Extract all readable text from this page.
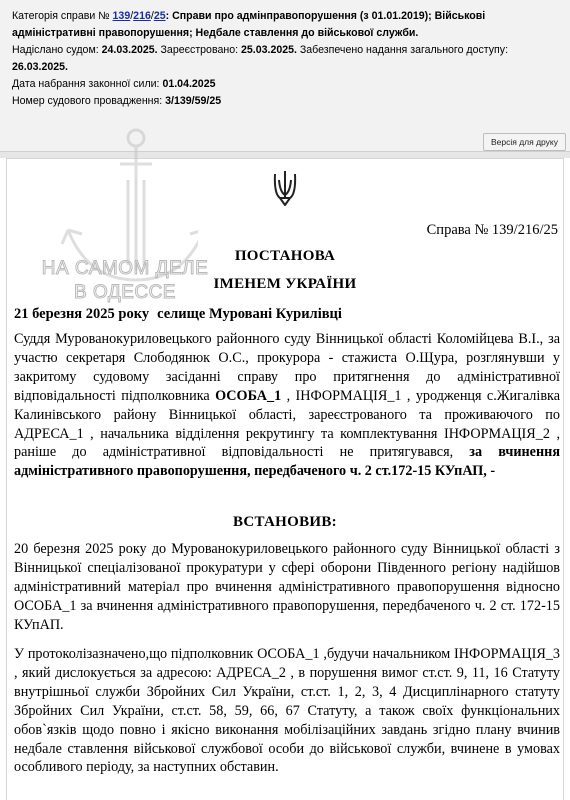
Категорія справи № 139/216/25: Справи про адмінправопорушення (з 01.01.2019); Військові адміністративні правопорушення; Недбале ставлення до військової служби.
Надіслано судом: 24.03.2025. Зареєстровано: 25.03.2025. Забезпечено надання загального доступу: 26.03.2025.
Дата набрання законної сили: 01.04.2025
Номер судового провадження: 3/139/59/25
Версія для друку
НА САМОМ ДЕЛЕ
В ОДЕССЕ
Справа № 139/216/25
ПОСТАНОВА
ІМЕНЕМ УКРАЇНИ
21 березня 2025 року селище Муровані Курилівці
Суддя Мурованокуриловецького районного суду Вінницької області Коломійцева В.І., за участю секретаря Слободянюк О.С., прокурора - стажиста О.Щура, розглянувши у закритому судовому засіданні справу про притягнення до адміністративної відповідальності підполковника ОСОБА_1 , ІНФОРМАЦІЯ_1 , уродженця с.Жигалівка Калинівського району Вінницької області, зареєстрованого та проживаючого по АДРЕСА_1 , начальника відділення рекрутингу та комплектування ІНФОРМАЦІЯ_2 , раніше до адміністративної відповідальності не притягувався, за вчинення адміністративного правопорушення, передбаченого ч. 2 ст.172-15 КУпАП, -
ВСТАНОВИВ:
20 березня 2025 року до Мурованокуриловецького районного суду Вінницької області з Вінницької спеціалізованої прокуратури у сфері оборони Південного регіону надійшов адміністративний матеріал про вчинення адміністративного правопорушення відносно ОСОБА_1 за вчинення адміністративного правопорушення, передбаченого ч. 2 ст. 172-15 КУпАП.
У протоколізазначено,що підполковник ОСОБА_1 ,будучи начальником ІНФОРМАЦІЯ_3 , який дислокується за адресою: АДРЕСА_2 , в порушення вимог ст.ст. 9, 11, 16 Статуту внутрішньої служби Збройних Сил України, ст.ст. 1, 2, 3, 4 Дисциплінарного статуту Збройних Сил України, ст.ст. 58, 59, 66, 67 Статуту, а також своїх функціональних обов`язків щодо повно і якісно виконання мобілізаційних завдань згідно плану вчинив недбале ставлення військової службової особи до військової служби, вчинене в умовах особливого періоду, за наступних обставин.
